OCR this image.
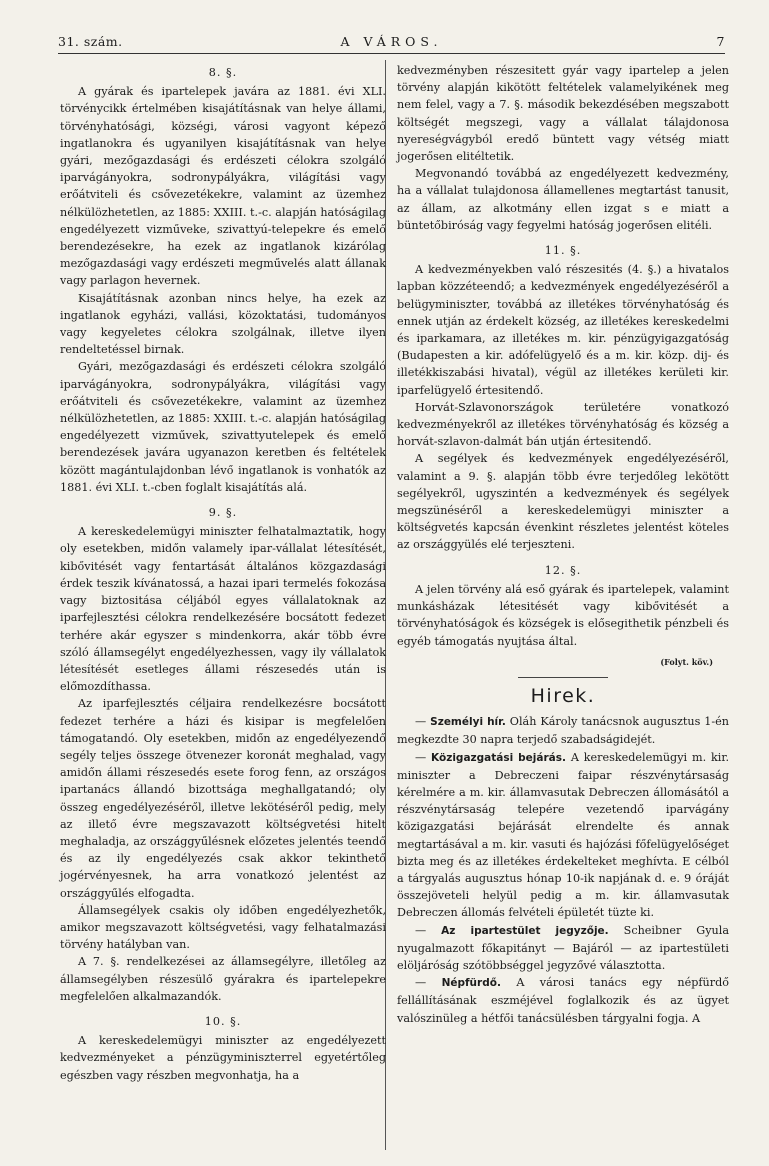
31. szám.	A VÁROS.	7
8. §.

A gyárak és ipartelepek javára az 1881. évi XLI. törvénycikk értelmében kisajátításnak van helye állami, törvényhatósági, községi, városi vagyont képező ingatlanokra és ugyanilyen kisajátításnak van helye gyári, mezőgazdasági és erdészeti célokra szolgáló iparvágányokra, sodronypályákra, világítási vagy erőátviteli és csővezetékekre, valamint az üzemhez nélkülözhetetlen, az 1885: XXIII. t.-c. alapján hatóságilag engedélyezett vizműveke, szivattyú-telepekre és emelő berendezésekre, ha ezek az ingatlanok kizárólag mezőgazdasági vagy erdészeti megművelés alatt állanak vagy parlagon hevernek.

Kisajátításnak azonban nincs helye, ha ezek az ingatlanok egyházi, vallási, közoktatási, tudományos vagy kegyeletes célokra szolgálnak, illetve ilyen rendeltetéssel birnak.

Gyári, mezőgazdasági és erdészeti célokra szolgáló iparvágányokra, sodronypályákra, világítási vagy erőátviteli és csővezetékekre, valamint az üzemhez nélkülözhetetlen, az 1885: XXIII. t.-c. alapján hatóságilag engedélyezett vizművek, szivattyutelepek és emelő berendezések javára ugyanazon keretben és feltételek között magántulajdonban lévő ingatlanok is vonhatók az 1881. évi XLI. t.-cben foglalt kisajátítás alá.

9. §.

A kereskedelemügyi miniszter felhatalmaztatik, hogy oly esetekben, midőn valamely ipar-vállalat létesítését, kibővitését vagy fentartását általános közgazdasági érdek teszik kívánatossá, a hazai ipari termelés fokozása vagy biztositása céljából egyes vállalatoknak az iparfejlesztési célokra rendelkezésére bocsátott fedezet terhére akár egyszer s mindenkorra, akár több évre szóló államsegélyt engedélyezhessen, vagy ily vállalatok létesítését esetleges állami részesedés után is előmozdíthassa.

Az iparfejlesztés céljaira rendelkezésre bocsátott fedezet terhére a házi és kisipar is megfelelően támogatandó. Oly esetekben, midőn az engedélyezendő segély teljes összege ötvenezer koronát meghalad, vagy amidőn állami részesedés esete forog fenn, az országos ipartanács állandó bizottsága meghallgatandó; oly összeg engedélyezéséről, illetve lekötéséről pedig, mely az illető évre megszavazott költségvetési hitelt meghaladja, az országgyűlésnek előzetes jelentés teendő és az ily engedélyezés csak akkor tekinthető jogérvényesnek, ha arra vonatkozó jelentést az országgyűlés elfogadta.

Államsegélyek csakis oly időben engedélyezhetők, amikor megszavazott költségvetési, vagy felhatalmazási törvény hatályban van.

A 7. §. rendelkezései az államsegélyre, illetőleg az államsegélyben részesülő gyárakra és ipartelepekre megfelelően alkalmazandók.

10. §.

A kereskedelemügyi miniszter az engedélyezett kedvezményeket a pénzügyminiszterrel egyetértőleg egészben vagy részben megvonhatja, ha a

kedvezményben részesitett gyár vagy ipartelep a jelen törvény alapján kikötött feltételek valamelyikének meg nem felel, vagy a 7. §. második bekezdésében megszabott költségét megszegi, vagy a vállalat tálajdonosa nyereségvágyból eredő büntett vagy vétség miatt jogerősen elitéltetik.

Megvonandó továbbá az engedélyezett kedvezmény, ha a vállalat tulajdonosa államellenes megtartást tanusit, az állam, az alkotmány ellen izgat s e miatt a büntetőbiróság vagy fegyelmi hatóság jogerősen elitéli.

11. §.

A kedvezményekben való részesités (4. §.) a hivatalos lapban közzéteendő; a kedvezmények engedélyezéséről a belügyminiszter, továbbá az illetékes törvényhatóság és ennek utján az érdekelt község, az illetékes kereskedelmi és iparkamara, az illetékes m. kir. pénzügyigazgatóság (Budapesten a kir. adófelügyelő és a m. kir. közp. dij- és illetékkiszabási hivatal), végül az illetékes kerületi kir. iparfelügyelő értesitendő.

Horvát-Szlavonországok területére vonatkozó kedvezményekről az illetékes törvényhatóság és község a horvát-szlavon-dalmát bán utján értesitendő.

A segélyek és kedvezmények engedélyezéséről, valamint a 9. §. alapján több évre terjedőleg lekötött segélyekről, ugyszintén a kedvezmények és segélyek megszünéséről a kereskedelemügyi miniszter a költségvetés kapcsán évenkint részletes jelentést köteles az országgyülés elé terjeszteni.

12. §.

A jelen törvény alá eső gyárak és ipartelepek, valamint munkásházak létesitését vagy kibővitését a törvényhatóságok és községek is elősegithetik pénzbeli és egyéb támogatás nyujtása által.

(Folyt. köv.)
Hirek.

— Személyi hír. Oláh Károly tanácsnok augusztus 1-én megkezdte 30 napra terjedő szabadságidejét.

— Közigazgatási bejárás. A kereskedelemügyi m. kir. miniszter a Debreczeni faipar részvénytársaság kérelmére a m. kir. államvasutak Debreczen állomásától a részvénytársaság telepére vezetendő iparvágány közigazgatási bejárását elrendelte és annak megtartásával a m. kir. vasuti és hajózási főfelügyelőséget bizta meg és az illetékes érdekelteket meghívta. E célból a tárgyalás augusztus hónap 10-ik napjának d. e. 9 óráját összejöveteli helyül pedig a m. kir. államvasutak Debreczen állomás felvételi épületét tüzte ki.

— Az ipartestület jegyzője. Scheibner Gyula nyugalmazott főkapitányt — Bajáról — az ipartestületi elöljáróság szótöbbséggel jegyzővé választotta.

— Népfürdő. A városi tanács egy népfürdő fellállításának eszméjével foglalkozik és az ügyet valószinüleg a hétfői tanácsülésben tárgyalni fogja. A
